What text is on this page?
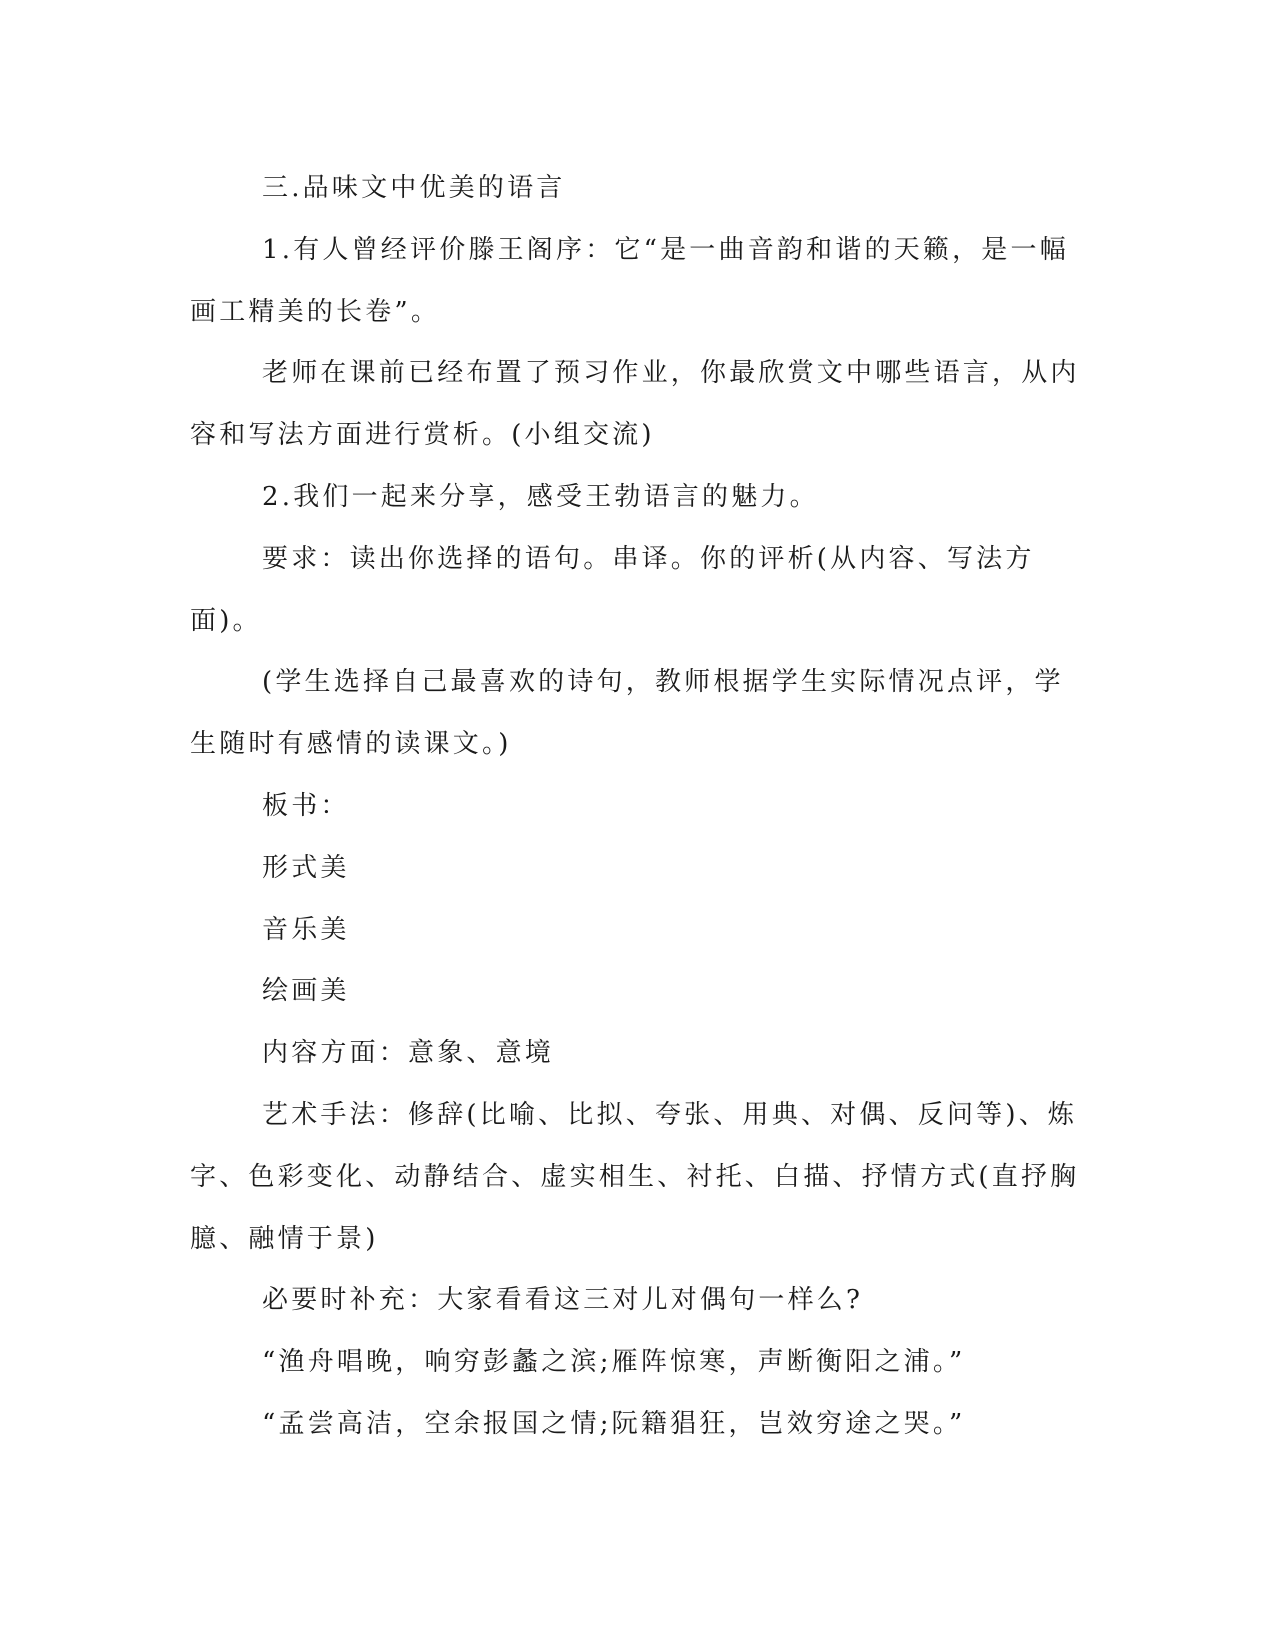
三.品味文中优美的语言

1.有人曾经评价滕王阁序：它“是一曲音韵和谐的天籁，是一幅画工精美的长卷”。

老师在课前已经布置了预习作业，你最欣赏文中哪些语言，从内容和写法方面进行赏析。(小组交流)

2.我们一起来分享，感受王勃语言的魅力。

要求：读出你选择的语句。串译。你的评析(从内容、写法方面)。

(学生选择自己最喜欢的诗句，教师根据学生实际情况点评，学生随时有感情的读课文。)

板书：

形式美

音乐美

绘画美

内容方面：意象、意境

艺术手法：修辞(比喻、比拟、夸张、用典、对偶、反问等)、炼字、色彩变化、动静结合、虚实相生、衬托、白描、抒情方式(直抒胸臆、融情于景)

必要时补充：大家看看这三对儿对偶句一样么?

“渔舟唱晚，响穷彭蠡之滨;雁阵惊寒，声断衡阳之浦。”

“孟尝高洁，空余报国之情;阮籍猖狂，岂效穷途之哭。”
